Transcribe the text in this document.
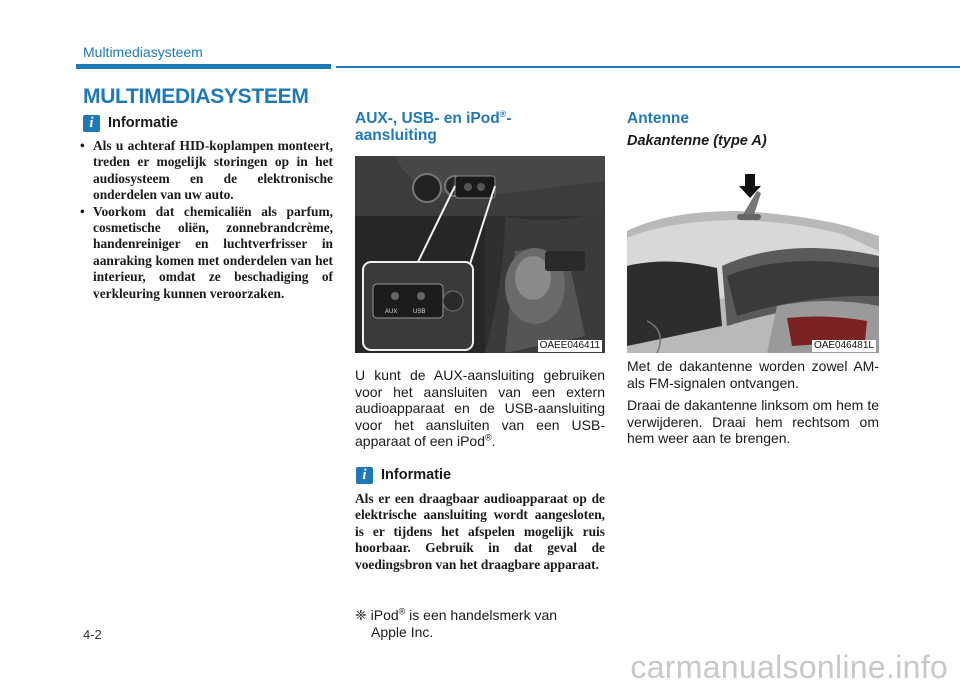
Multimediasysteem
MULTIMEDIASYSTEEM
i Informatie
• Als u achteraf HID-koplampen monteert, treden er mogelijk storingen op in het audiosysteem en de elektronische onderdelen van uw auto.
• Voorkom dat chemicaliën als parfum, cosmetische oliën, zonnebrandcrème, handenreiniger en luchtverfrisser in aanraking komen met onderdelen van het interieur, omdat ze beschadiging of verkleuring kunnen veroorzaken.
AUX-, USB- en iPod®-
aansluiting
AUX	USB
OAEE046411

U kunt de AUX-aansluiting gebruiken voor het aansluiten van een extern audioapparaat en de USB-aansluiting voor het aansluiten van een USB-apparaat of een iPod®.

i Informatie

Als er een draagbaar audioapparaat op de elektrische aansluiting wordt aangesloten, is er tijdens het afspelen mogelijk ruis hoorbaar. Gebruik in dat geval de voedingsbron van het draagbare apparaat.

❈ iPod® is een handelsmerk van
Apple Inc.

Antenne
Dakantenne (type A)
OAE046481L

Met de dakantenne worden zowel AM- als FM-signalen ontvangen.

Draai de dakantenne linksom om hem te verwijderen. Draai hem rechtsom om hem weer aan te brengen.

4-2
carmanualsonline.info
